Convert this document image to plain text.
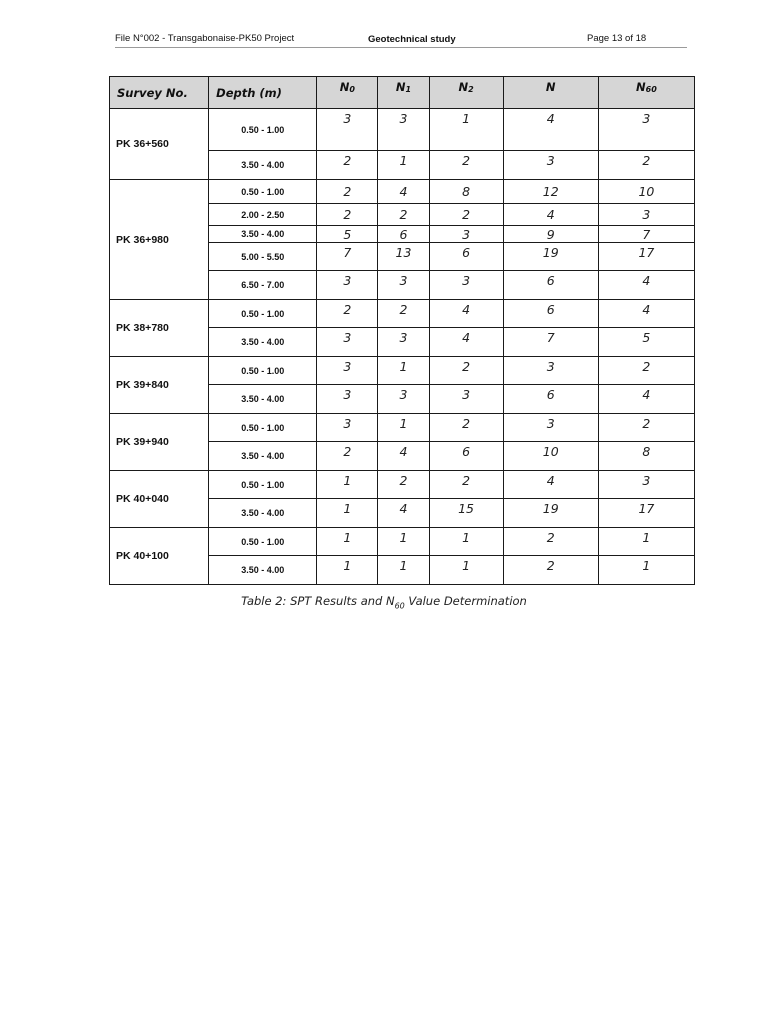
File N°002 - Transgabonaise-PK50 Project	Geotechnical study	Page 13 of 18
Survey No.	Depth (m)	$N_0$	$N_1$	$N_2$	N	$N_{60}$
PK 36+560	0.50 - 1.00	3	3	1	4	3
	3.50 - 4.00	2	1	2	3	2
PK 36+980	0.50 - 1.00	2	4	8	12	10
	2.00 - 2.50	2	2	2	4	3
	3.50 - 4.00	5	6	3	9	7
	5.00 - 5.50	7	13	6	19	17
	6.50 - 7.00	3	3	3	6	4
PK 38+780	0.50 - 1.00	2	2	4	6	4
	3.50 - 4.00	3	3	4	7	5
PK 39+840	0.50 - 1.00	3	1	2	3	2
	3.50 - 4.00	3	3	3	6	4
PK 39+940	0.50 - 1.00	3	1	2	3	2
	3.50 - 4.00	2	4	6	10	8
PK 40+040	0.50 - 1.00	1	2	2	4	3
	3.50 - 4.00	1	4	15	19	17
PK 40+100	0.50 - 1.00	1	1	1	2	1
	3.50 - 4.00	1	1	1	2	1
Table 2: SPT Results and $N_{60}$ Value Determination
